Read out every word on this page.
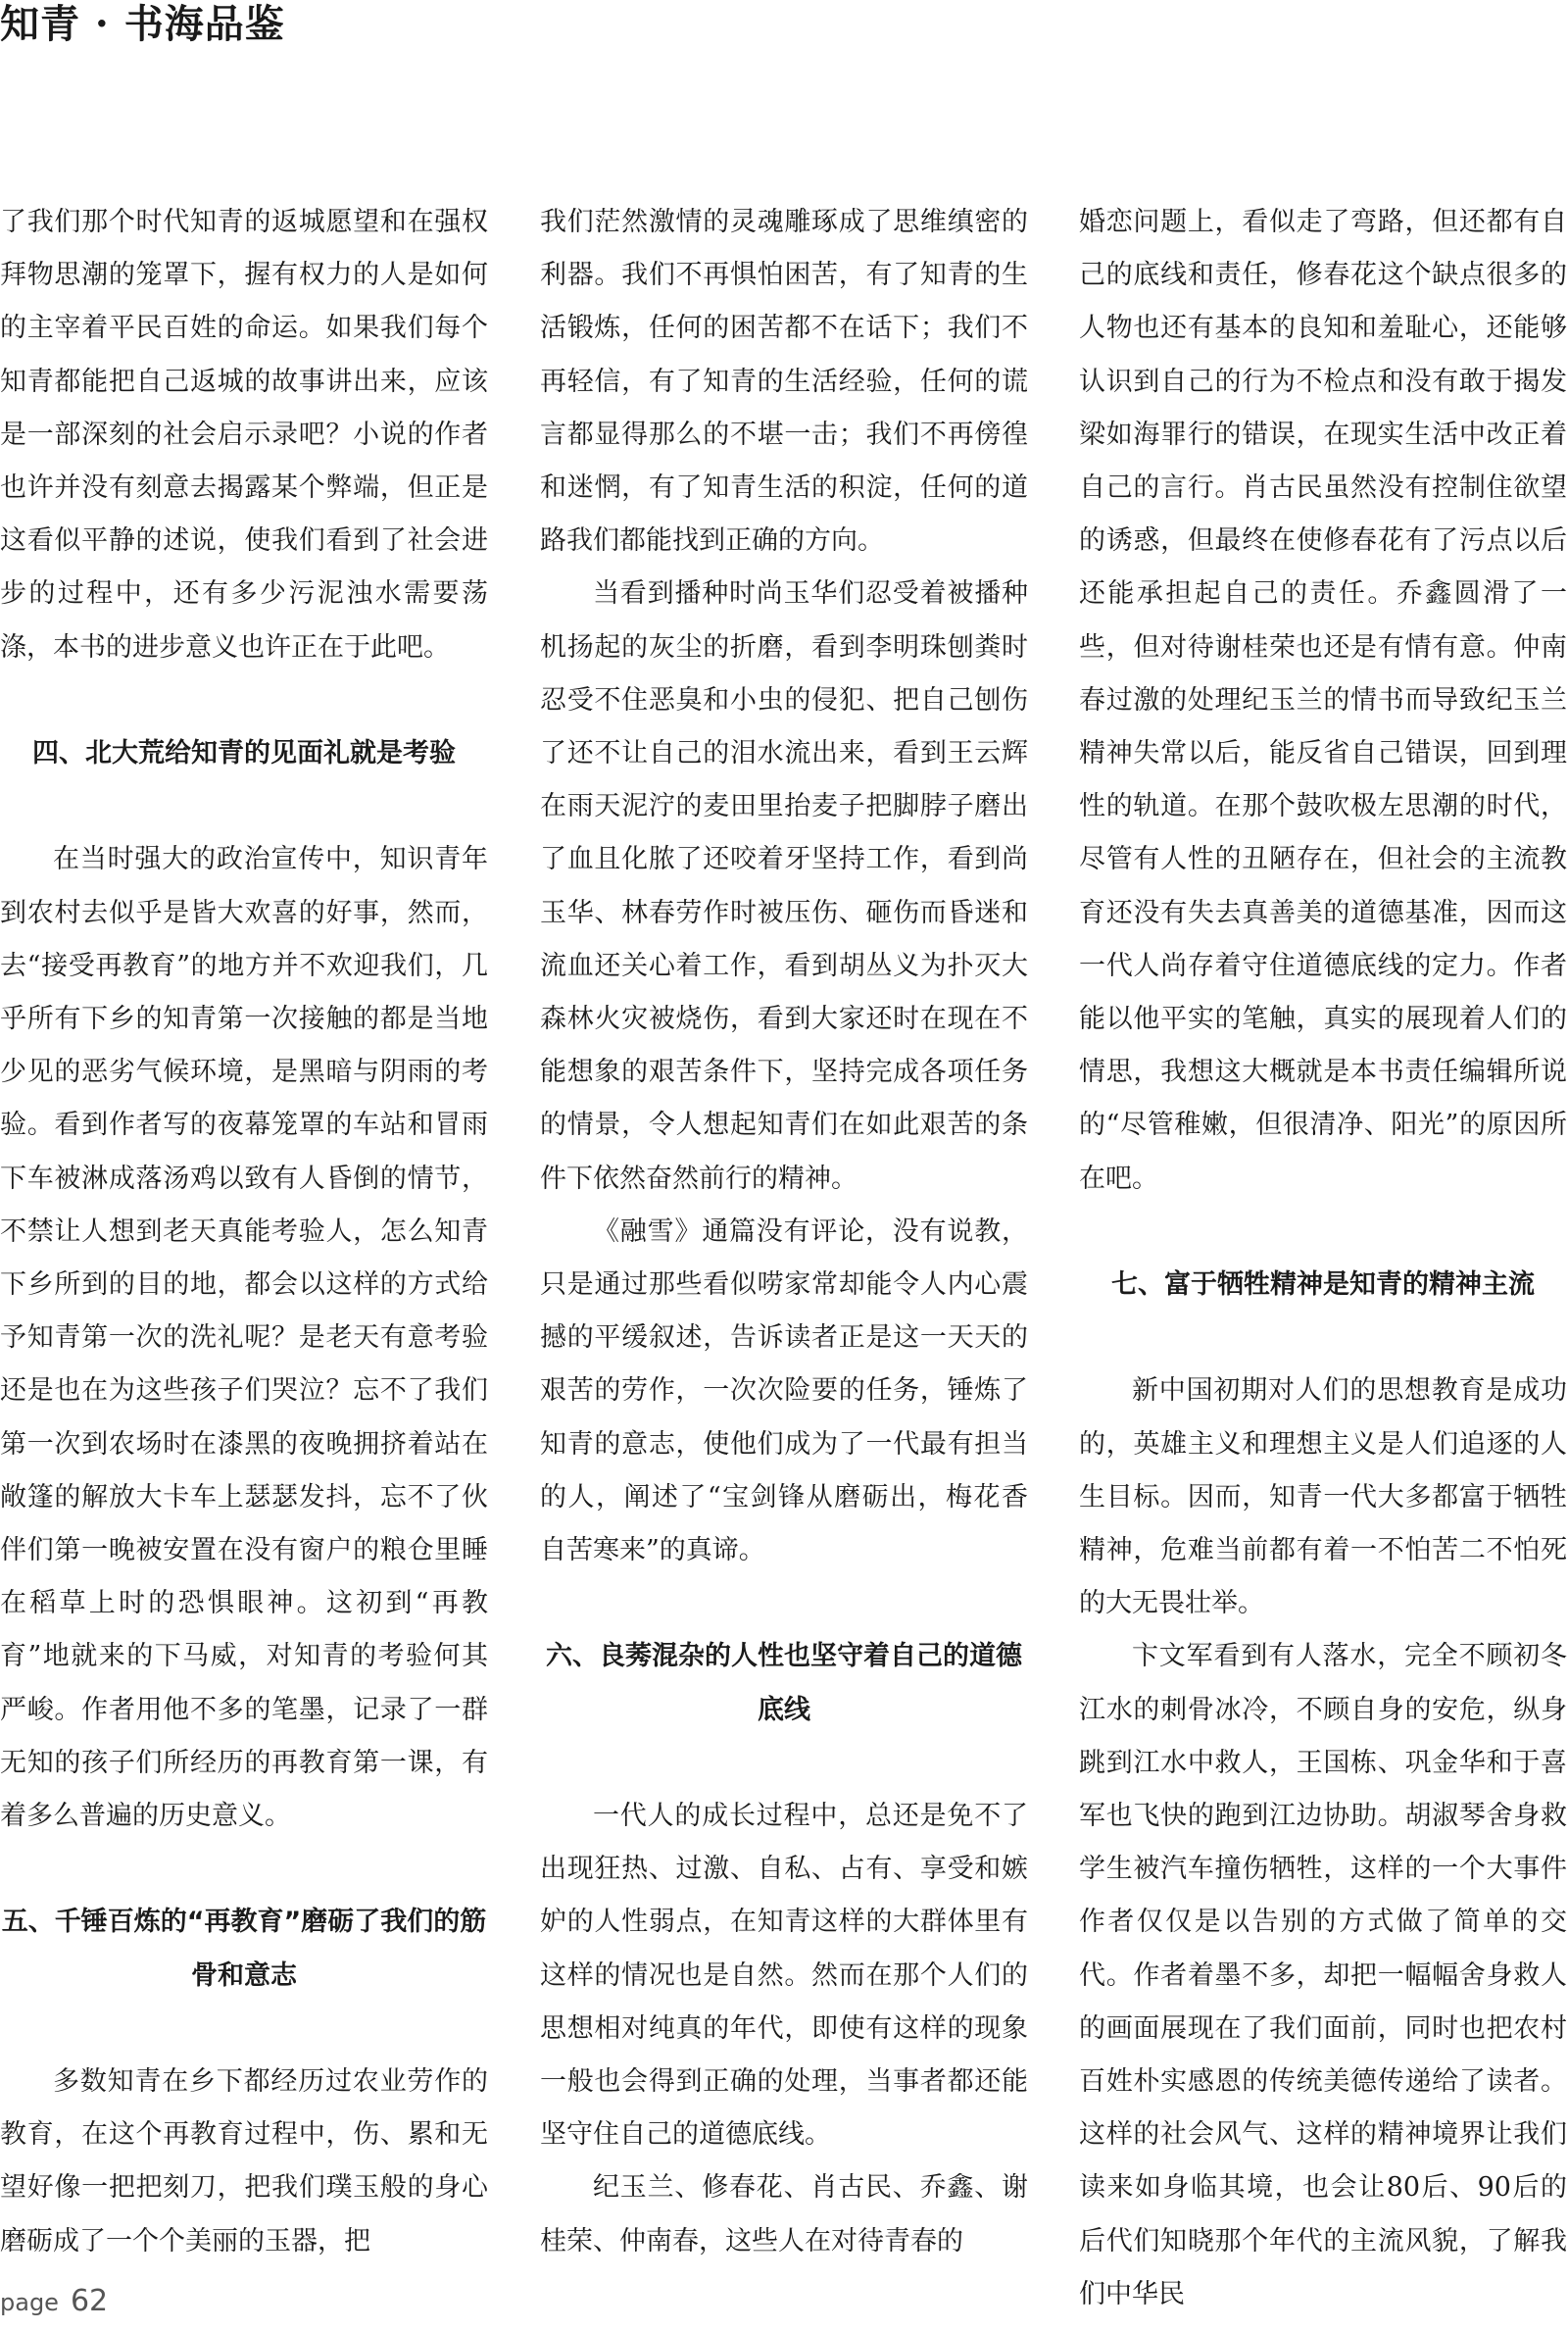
知青 · 书海品鉴

了我们那个时代知青的返城愿望和在强权拜物思潮的笼罩下，握有权力的人是如何的主宰着平民百姓的命运。如果我们每个知青都能把自己返城的故事讲出来，应该是一部深刻的社会启示录吧？小说的作者也许并没有刻意去揭露某个弊端，但正是这看似平静的述说，使我们看到了社会进步的过程中，还有多少污泥浊水需要荡涤，本书的进步意义也许正在于此吧。

四、北大荒给知青的见面礼就是考验

在当时强大的政治宣传中，知识青年到农村去似乎是皆大欢喜的好事，然而，去“接受再教育”的地方并不欢迎我们，几乎所有下乡的知青第一次接触的都是当地少见的恶劣气候环境，是黑暗与阴雨的考验。看到作者写的夜幕笼罩的车站和冒雨下车被淋成落汤鸡以致有人昏倒的情节，不禁让人想到老天真能考验人，怎么知青下乡所到的目的地，都会以这样的方式给予知青第一次的洗礼呢？是老天有意考验还是也在为这些孩子们哭泣？忘不了我们第一次到农场时在漆黑的夜晚拥挤着站在敞篷的解放大卡车上瑟瑟发抖，忘不了伙伴们第一晚被安置在没有窗户的粮仓里睡在稻草上时的恐惧眼神。这初到“再教育”地就来的下马威，对知青的考验何其严峻。作者用他不多的笔墨，记录了一群无知的孩子们所经历的再教育第一课，有着多么普遍的历史意义。

五、千锤百炼的“再教育”磨砺了我们的筋骨和意志

多数知青在乡下都经历过农业劳作的教育，在这个再教育过程中，伤、累和无望好像一把把刻刀，把我们璞玉般的身心磨砺成了一个个美丽的玉器，把

我们茫然激情的灵魂雕琢成了思维缜密的利器。我们不再惧怕困苦，有了知青的生活锻炼，任何的困苦都不在话下；我们不再轻信，有了知青的生活经验，任何的谎言都显得那么的不堪一击；我们不再傍徨和迷惘，有了知青生活的积淀，任何的道路我们都能找到正确的方向。

当看到播种时尚玉华们忍受着被播种机扬起的灰尘的折磨，看到李明珠刨粪时忍受不住恶臭和小虫的侵犯、把自己刨伤了还不让自己的泪水流出来，看到王云辉在雨天泥泞的麦田里抬麦子把脚脖子磨出了血且化脓了还咬着牙坚持工作，看到尚玉华、林春劳作时被压伤、砸伤而昏迷和流血还关心着工作，看到胡丛义为扑灭大森林火灾被烧伤，看到大家还时在现在不能想象的艰苦条件下，坚持完成各项任务的情景，令人想起知青们在如此艰苦的条件下依然奋然前行的精神。

《融雪》通篇没有评论，没有说教，只是通过那些看似唠家常却能令人内心震撼的平缓叙述，告诉读者正是这一天天的艰苦的劳作，一次次险要的任务，锤炼了知青的意志，使他们成为了一代最有担当的人，阐述了“宝剑锋从磨砺出，梅花香自苦寒来”的真谛。

六、良莠混杂的人性也坚守着自己的道德底线

一代人的成长过程中，总还是免不了出现狂热、过激、自私、占有、享受和嫉妒的人性弱点，在知青这样的大群体里有这样的情况也是自然。然而在那个人们的思想相对纯真的年代，即使有这样的现象一般也会得到正确的处理，当事者都还能坚守住自己的道德底线。

纪玉兰、修春花、肖古民、乔鑫、谢桂荣、仲南春，这些人在对待青春的

婚恋问题上，看似走了弯路，但还都有自己的底线和责任，修春花这个缺点很多的人物也还有基本的良知和羞耻心，还能够认识到自己的行为不检点和没有敢于揭发梁如海罪行的错误，在现实生活中改正着自己的言行。肖古民虽然没有控制住欲望的诱惑，但最终在使修春花有了污点以后还能承担起自己的责任。乔鑫圆滑了一些，但对待谢桂荣也还是有情有意。仲南春过激的处理纪玉兰的情书而导致纪玉兰精神失常以后，能反省自己错误，回到理性的轨道。在那个鼓吹极左思潮的时代，尽管有人性的丑陋存在，但社会的主流教育还没有失去真善美的道德基准，因而这一代人尚存着守住道德底线的定力。作者能以他平实的笔触，真实的展现着人们的情思，我想这大概就是本书责任编辑所说的“尽管稚嫩，但很清净、阳光”的原因所在吧。

七、富于牺牲精神是知青的精神主流

新中国初期对人们的思想教育是成功的，英雄主义和理想主义是人们追逐的人生目标。因而，知青一代大多都富于牺牲精神，危难当前都有着一不怕苦二不怕死的大无畏壮举。

卞文军看到有人落水，完全不顾初冬江水的刺骨冰冷，不顾自身的安危，纵身跳到江水中救人，王国栋、巩金华和于喜军也飞快的跑到江边协助。胡淑琴舍身救学生被汽车撞伤牺牲，这样的一个大事件作者仅仅是以告别的方式做了简单的交代。作者着墨不多，却把一幅幅舍身救人的画面展现在了我们面前，同时也把农村百姓朴实感恩的传统美德传递给了读者。这样的社会风气、这样的精神境界让我们读来如身临其境，也会让80后、90后的后代们知晓那个年代的主流风貌，了解我们中华民

page 62
